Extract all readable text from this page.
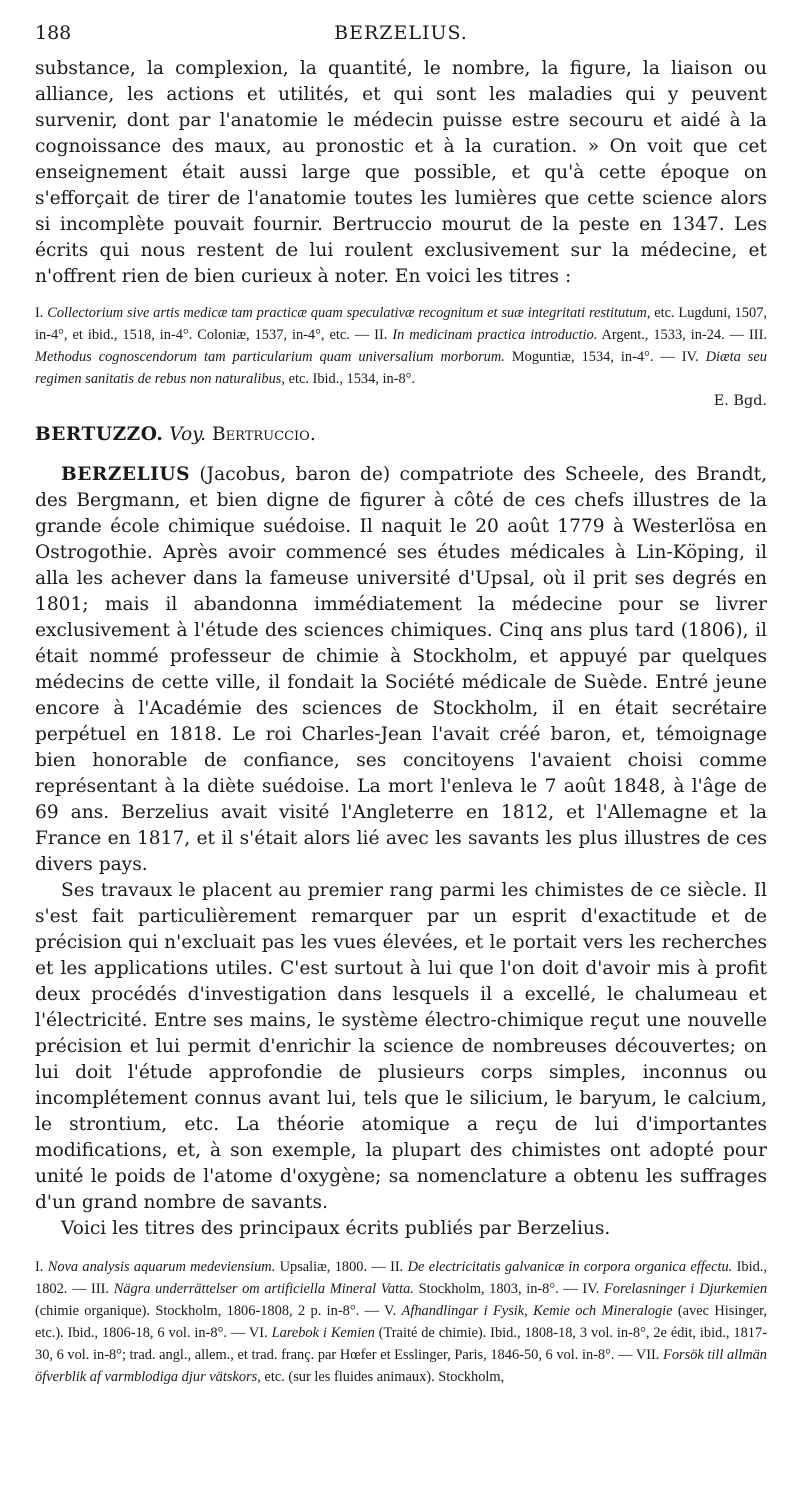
188	BERZELIUS.

substance, la complexion, la quantité, le nombre, la figure, la liaison ou alliance, les actions et utilités, et qui sont les maladies qui y peuvent survenir, dont par l'anatomie le médecin puisse estre secouru et aidé à la cognoissance des maux, au pronostic et à la curation. » On voit que cet enseignement était aussi large que possible, et qu'à cette époque on s'efforçait de tirer de l'anatomie toutes les lumières que cette science alors si incomplète pouvait fournir. Bertruccio mourut de la peste en 1347. Les écrits qui nous restent de lui roulent exclusivement sur la médecine, et n'offrent rien de bien curieux à noter. En voici les titres :

I. Collectorium sive artis medicæ tam practicæ quam speculativæ recognitum et suæ integritati restitutum, etc. Lugduni, 1507, in-4°, et ibid., 1518, in-4°. Coloniæ, 1537, in-4°, etc. — II. In medicinam practica introductio. Argent., 1533, in-24. — III. Methodus cognoscendorum tam particularium quam universalium morborum. Moguntiæ, 1534, in-4°. — IV. Diæta seu regimen sanitatis de rebus non naturalibus, etc. Ibid., 1534, in-8°.

E. Bgd.

BERTUZZO. Voy. Bertruccio.

BERZELIUS (Jacobus, baron de) compatriote des Scheele, des Brandt, des Bergmann, et bien digne de figurer à côté de ces chefs illustres de la grande école chimique suédoise. Il naquit le 20 août 1779 à Westerlösa en Ostrogothie. Après avoir commencé ses études médicales à Lin-Köping, il alla les achever dans la fameuse université d'Upsal, où il prit ses degrés en 1801; mais il abandonna immédiatement la médecine pour se livrer exclusivement à l'étude des sciences chimiques. Cinq ans plus tard (1806), il était nommé professeur de chimie à Stockholm, et appuyé par quelques médecins de cette ville, il fondait la Société médicale de Suède. Entré jeune encore à l'Académie des sciences de Stockholm, il en était secrétaire perpétuel en 1818. Le roi Charles-Jean l'avait créé baron, et, témoignage bien honorable de confiance, ses concitoyens l'avaient choisi comme représentant à la diète suédoise. La mort l'enleva le 7 août 1848, à l'âge de 69 ans. Berzelius avait visité l'Angleterre en 1812, et l'Allemagne et la France en 1817, et il s'était alors lié avec les savants les plus illustres de ces divers pays.

Ses travaux le placent au premier rang parmi les chimistes de ce siècle. Il s'est fait particulièrement remarquer par un esprit d'exactitude et de précision qui n'excluait pas les vues élevées, et le portait vers les recherches et les applications utiles. C'est surtout à lui que l'on doit d'avoir mis à profit deux procédés d'investigation dans lesquels il a excellé, le chalumeau et l'électricité. Entre ses mains, le système électro-chimique reçut une nouvelle précision et lui permit d'enrichir la science de nombreuses découvertes; on lui doit l'étude approfondie de plusieurs corps simples, inconnus ou incomplétement connus avant lui, tels que le silicium, le baryum, le calcium, le strontium, etc. La théorie atomique a reçu de lui d'importantes modifications, et, à son exemple, la plupart des chimistes ont adopté pour unité le poids de l'atome d'oxygène; sa nomenclature a obtenu les suffrages d'un grand nombre de savants.

Voici les titres des principaux écrits publiés par Berzelius.

I. Nova analysis aquarum medeviensium. Upsaliæ, 1800. — II. De electricitatis galvanicæ in corpora organica effectu. Ibid., 1802. — III. Nägra underrättelser om artificiella Mineral Vatta. Stockholm, 1803, in-8°. — IV. Forelasninger i Djurkemien (chimie organique). Stockholm, 1806-1808, 2 p. in-8°. — V. Afhandlingar i Fysik, Kemie och Mineralogie (avec Hisinger, etc.). Ibid., 1806-18, 6 vol. in-8°. — VI. Larebok i Kemien (Traité de chimie). Ibid., 1808-18, 3 vol. in-8°, 2e édit, ibid., 1817-30, 6 vol. in-8°; trad. angl., allem., et trad. franç. par Hœfer et Esslinger, Paris, 1846-50, 6 vol. in-8°. — VII. Forsök till allmän öfverblik af varmblodiga djur vätskors, etc. (sur les fluides animaux). Stockholm,
